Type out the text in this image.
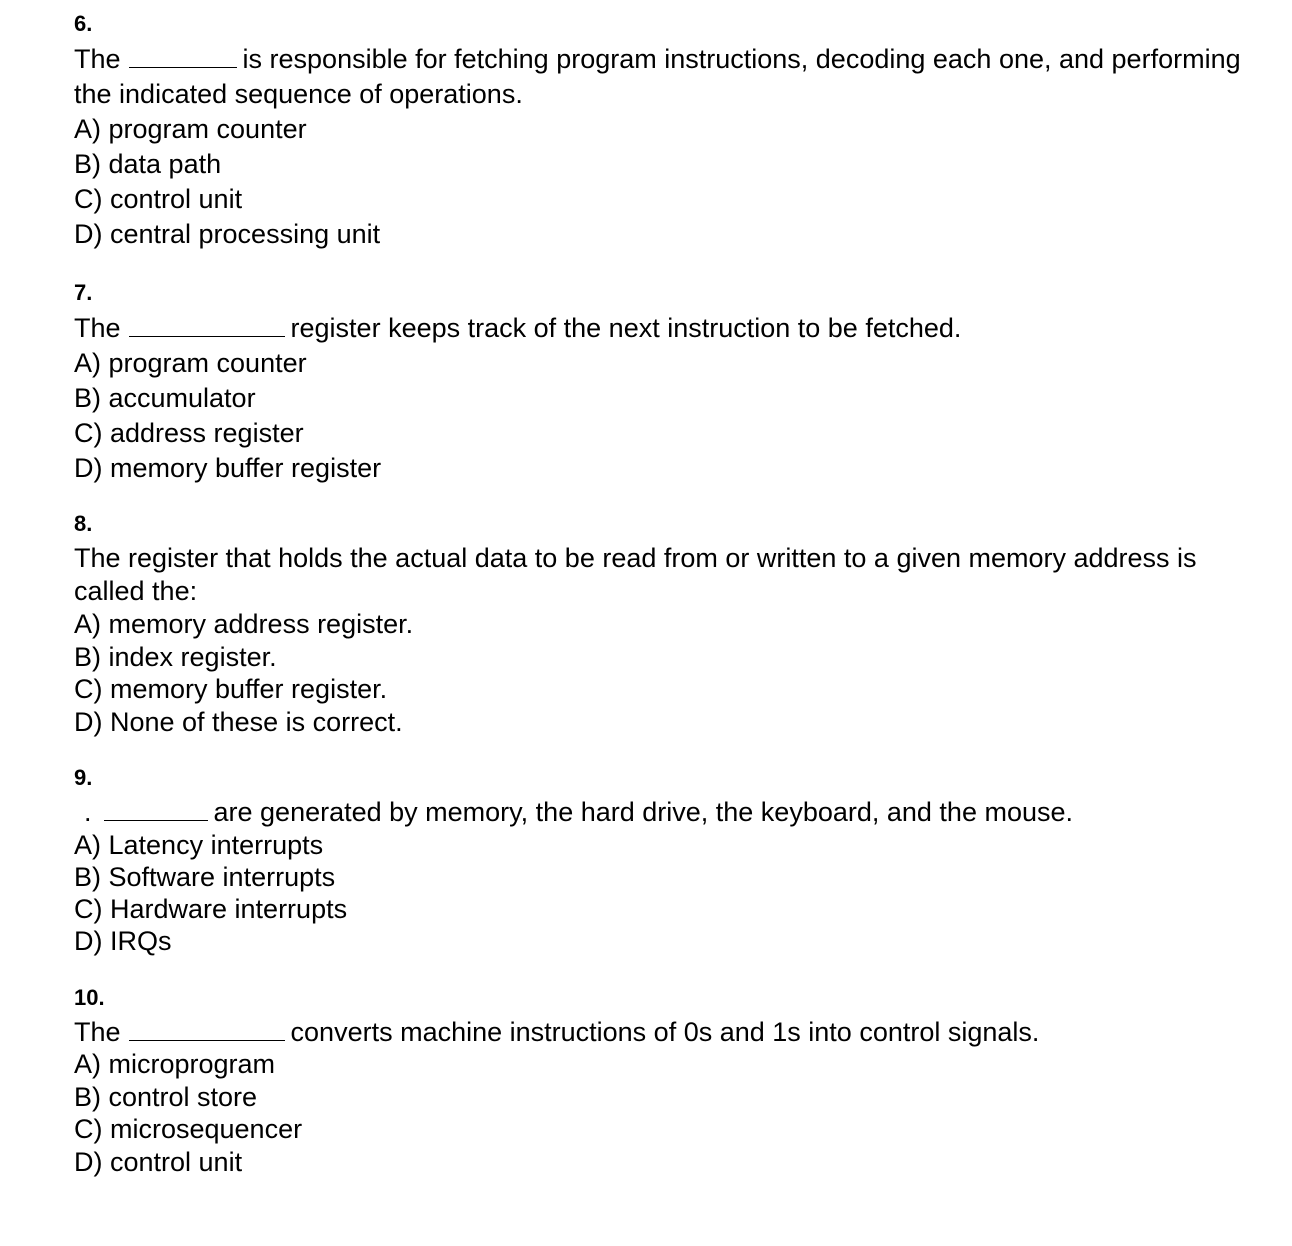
6.
The	is responsible for fetching program instructions, decoding each one, and performing the indicated sequence of operations.
A) program counter
B) data path
C) control unit
D) central processing unit
7.
The	register keeps track of the next instruction to be fetched.
A) program counter
B) accumulator
C) address register
D) memory buffer register
8.
The register that holds the actual data to be read from or written to a given memory address is called the:
A) memory address register.
B) index register.
C) memory buffer register.
D) None of these is correct.
9.
.	are generated by memory, the hard drive, the keyboard, and the mouse.
A) Latency interrupts
B) Software interrupts
C) Hardware interrupts
D) IRQs
10.
The	converts machine instructions of 0s and 1s into control signals.
A) microprogram
B) control store
C) microsequencer
D) control unit
